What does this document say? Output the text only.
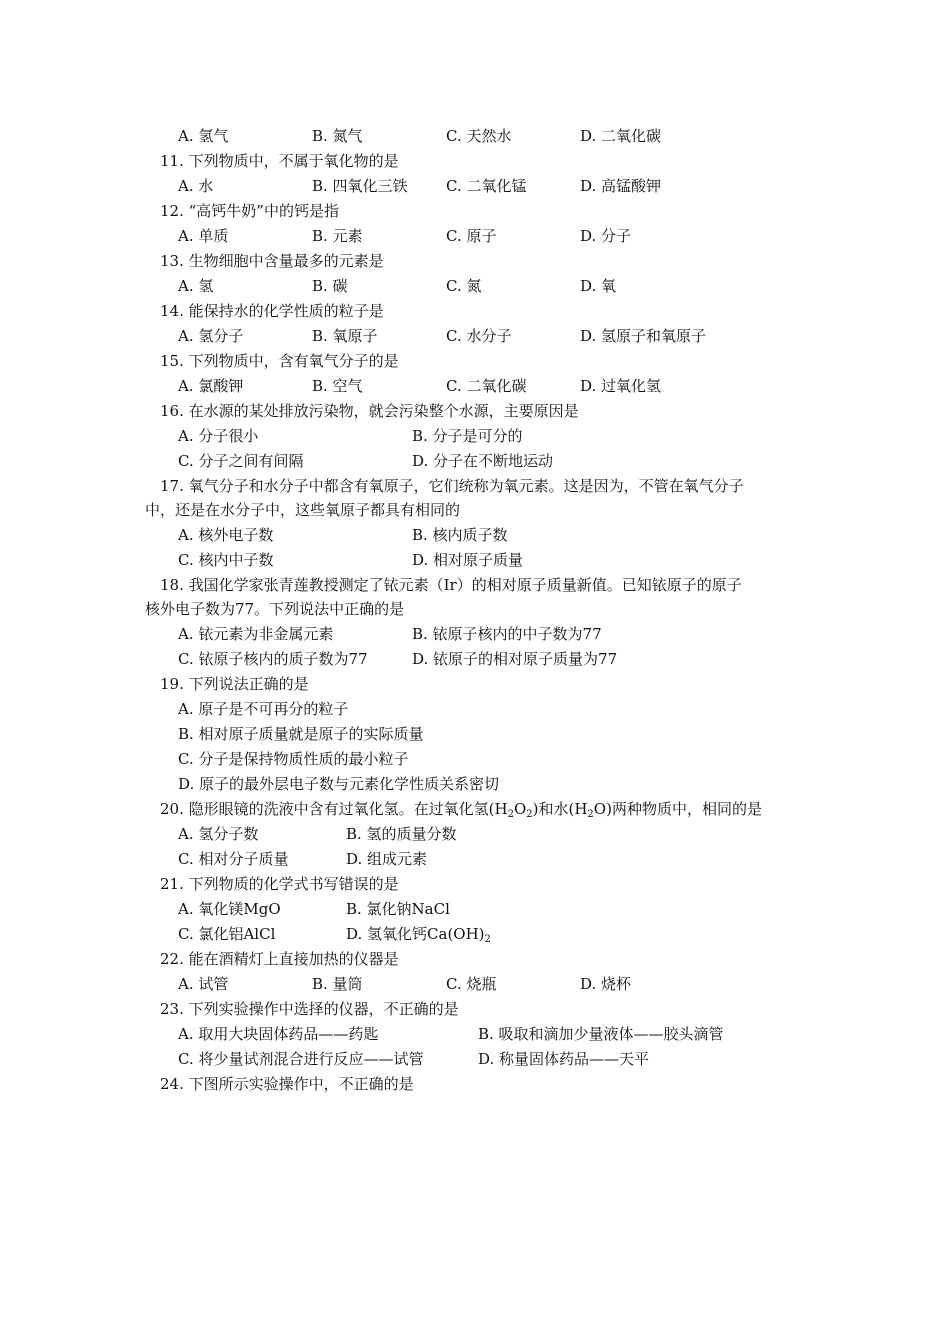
A. 氢气	B. 氮气	C. 天然水	D. 二氧化碳
11. 下列物质中，不属于氧化物的是
A. 水	B. 四氧化三铁	C. 二氧化锰	D. 高锰酸钾
12. “高钙牛奶”中的钙是指
A. 单质	B. 元素	C. 原子	D. 分子
13. 生物细胞中含量最多的元素是
A. 氢	B. 碳	C. 氮	D. 氧
14. 能保持水的化学性质的粒子是
A. 氢分子	B. 氧原子	C. 水分子	D. 氢原子和氧原子
15. 下列物质中，含有氧气分子的是
A. 氯酸钾	B. 空气	C. 二氧化碳	D. 过氧化氢
16. 在水源的某处排放污染物，就会污染整个水源，主要原因是
A. 分子很小	B. 分子是可分的
C. 分子之间有间隔	D. 分子在不断地运动
17. 氧气分子和水分子中都含有氧原子，它们统称为氧元素。这是因为，不管在氧气分子
中，还是在水分子中，这些氧原子都具有相同的
A. 核外电子数	B. 核内质子数
C. 核内中子数	D. 相对原子质量
18. 我国化学家张青莲教授测定了铱元素（Ir）的相对原子质量新值。已知铱原子的原子
核外电子数为77。下列说法中正确的是
A. 铱元素为非金属元素	B. 铱原子核内的中子数为77
C. 铱原子核内的质子数为77	D. 铱原子的相对原子质量为77
19. 下列说法正确的是
A. 原子是不可再分的粒子
B. 相对原子质量就是原子的实际质量
C. 分子是保持物质性质的最小粒子
D. 原子的最外层电子数与元素化学性质关系密切
20. 隐形眼镜的洗液中含有过氧化氢。在过氧化氢$(H_2O_2)$和水$(H_2O)$两种物质中，相同的是
A. 氢分子数	B. 氢的质量分数
C. 相对分子质量	D. 组成元素
21. 下列物质的化学式书写错误的是
A. 氧化镁MgO	B. 氯化钠NaCl
C. 氯化铝AlCl	D. 氢氧化钙$Ca(OH)_2$
22. 能在酒精灯上直接加热的仪器是
A. 试管	B. 量筒	C. 烧瓶	D. 烧杯
23. 下列实验操作中选择的仪器，不正确的是
A. 取用大块固体药品——药匙	B. 吸取和滴加少量液体——胶头滴管
C. 将少量试剂混合进行反应——试管	D. 称量固体药品——天平
24. 下图所示实验操作中，不正确的是
